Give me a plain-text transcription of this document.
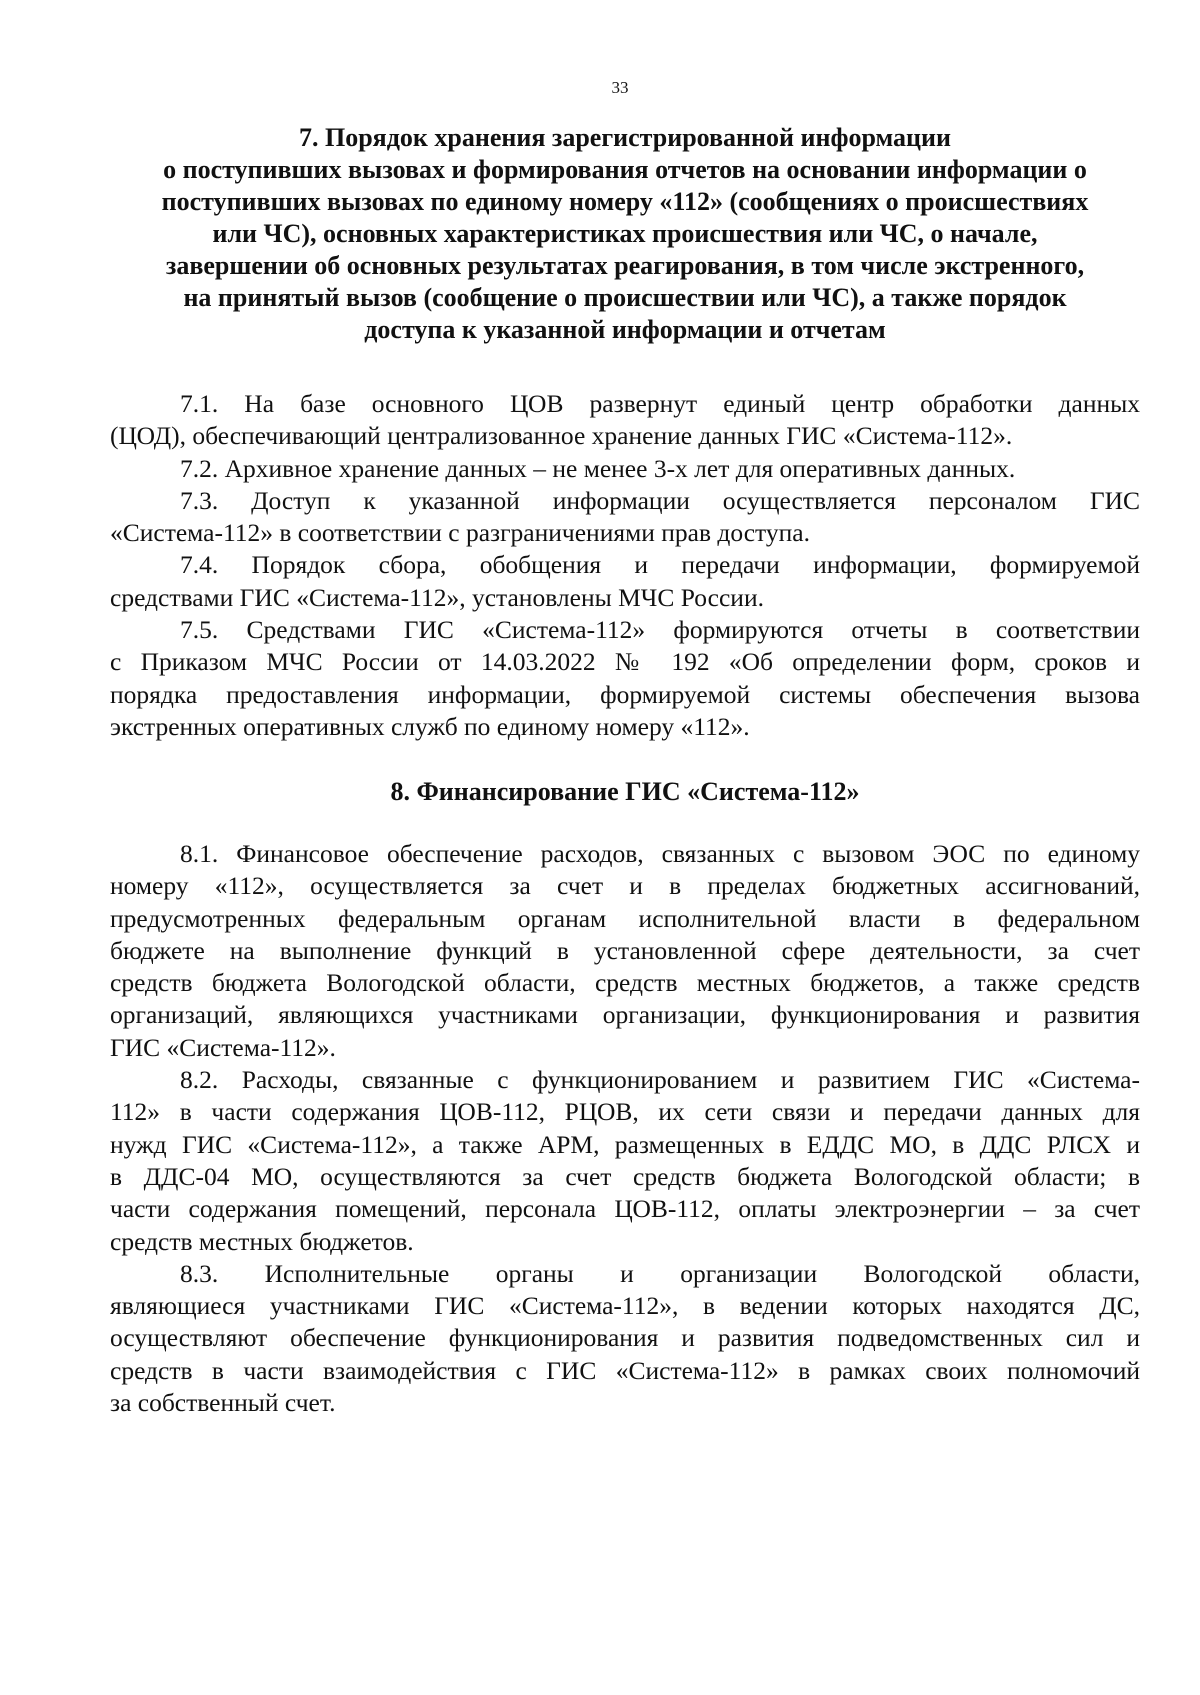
33
7. Порядок хранения зарегистрированной информации
о поступивших вызовах и формирования отчетов на основании информации о
поступивших вызовах по единому номеру «112» (сообщениях о происшествиях
или ЧС), основных характеристиках происшествия или ЧС, о начале,
завершении об основных результатах реагирования, в том числе экстренного,
на принятый вызов (сообщение о происшествии или ЧС), а также порядок
доступа к указанной информации и отчетам

7.1. На базе основного ЦОВ развернут единый центр обработки данных
(ЦОД), обеспечивающий централизованное хранение данных ГИС «Система-112».

7.2. Архивное хранение данных – не менее 3-х лет для оперативных данных.

7.3. Доступ к указанной информации осуществляется персоналом ГИС
«Система-112» в соответствии с разграничениями прав доступа.

7.4. Порядок сбора, обобщения и передачи информации, формируемой
средствами ГИС «Система-112», установлены МЧС России.

7.5. Средствами ГИС «Система-112» формируются отчеты в соответствии
с Приказом МЧС России от 14.03.2022 № 192 «Об определении форм, сроков и
порядка предоставления информации, формируемой системы обеспечения вызова
экстренных оперативных служб по единому номеру «112».

8. Финансирование ГИС «Система-112»

8.1. Финансовое обеспечение расходов, связанных с вызовом ЭОС по единому
номеру «112», осуществляется за счет и в пределах бюджетных ассигнований,
предусмотренных федеральным органам исполнительной власти в федеральном
бюджете на выполнение функций в установленной сфере деятельности, за счет
средств бюджета Вологодской области, средств местных бюджетов, а также средств
организаций, являющихся участниками организации, функционирования и развития
ГИС «Система-112».

8.2. Расходы, связанные с функционированием и развитием ГИС «Система-
112» в части содержания ЦОВ-112, РЦОВ, их сети связи и передачи данных для
нужд ГИС «Система-112», а также АРМ, размещенных в ЕДДС МО, в ДДС РЛСХ и
в ДДС-04 МО, осуществляются за счет средств бюджета Вологодской области; в
части содержания помещений, персонала ЦОВ-112, оплаты электроэнергии – за счет
средств местных бюджетов.

8.3. Исполнительные органы и организации Вологодской области,
являющиеся участниками ГИС «Система-112», в ведении которых находятся ДС,
осуществляют обеспечение функционирования и развития подведомственных сил и
средств в части взаимодействия с ГИС «Система-112» в рамках своих полномочий
за собственный счет.
